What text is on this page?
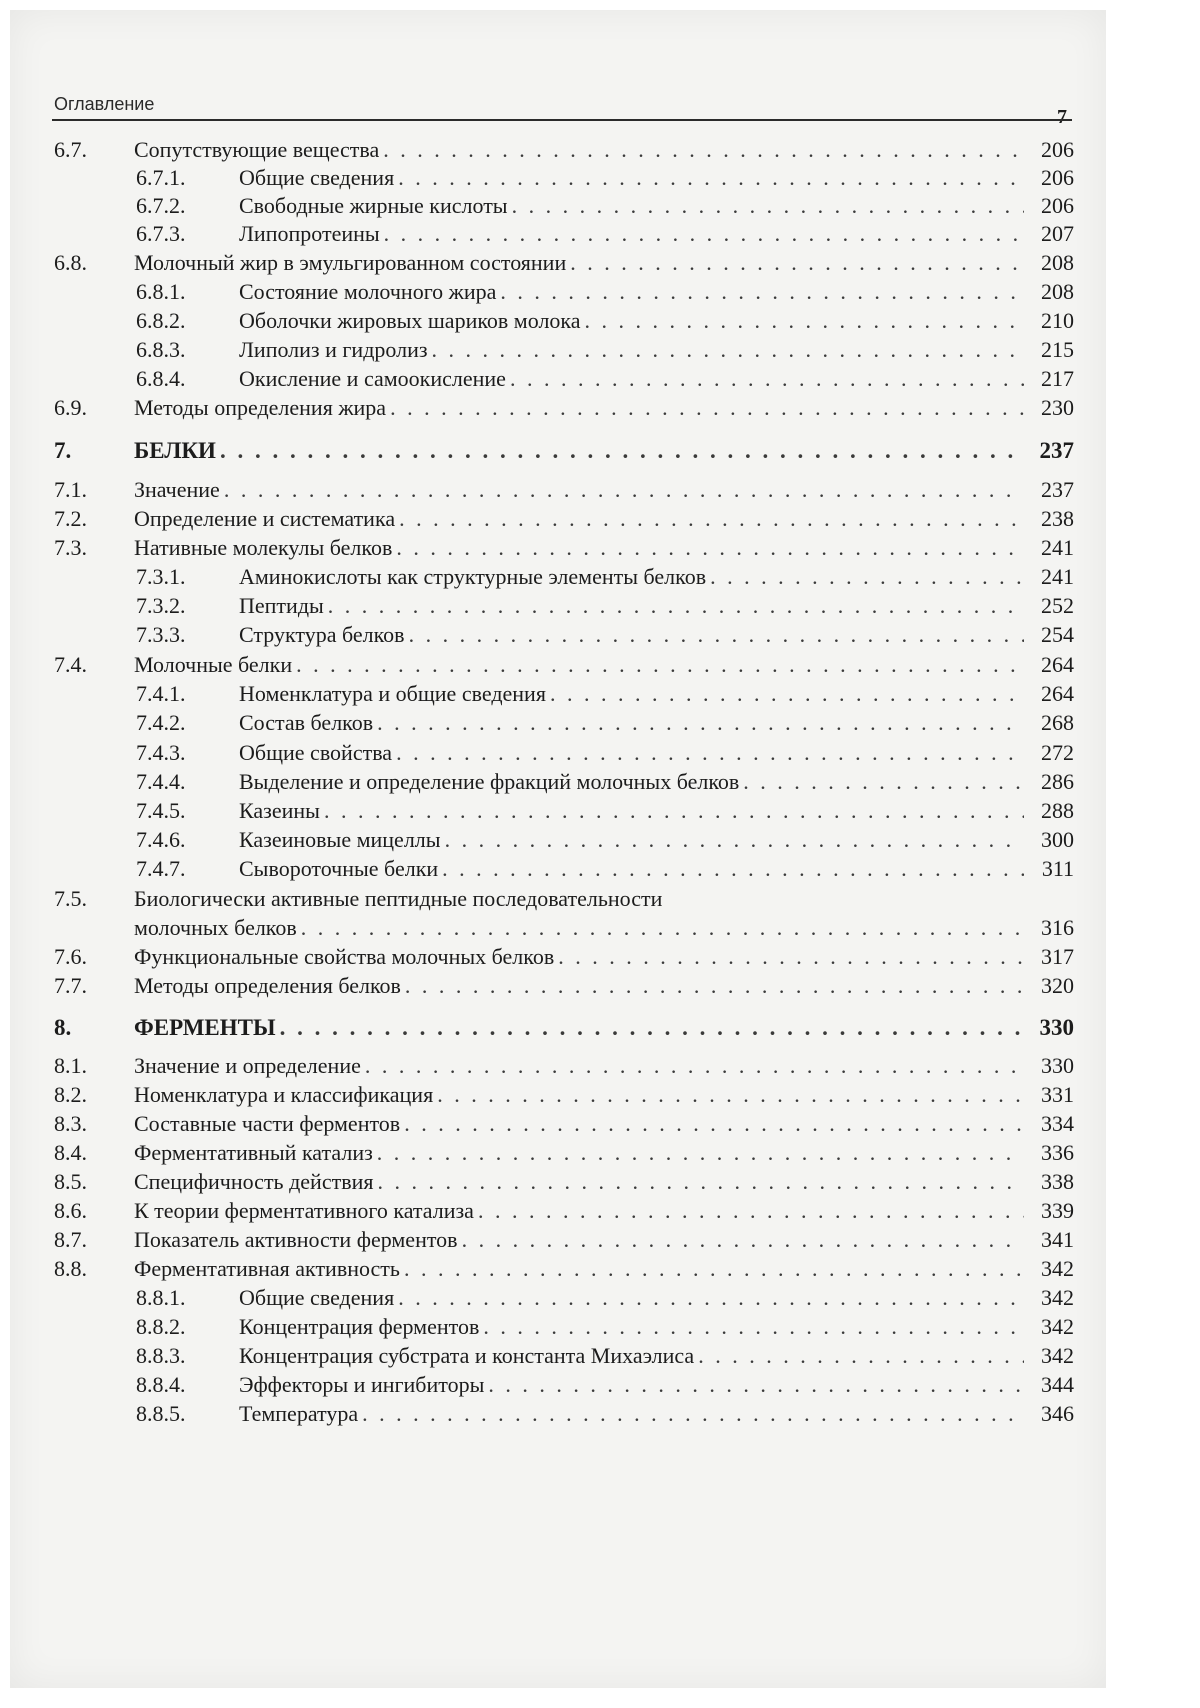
Оглавление
7
6.7. Сопутствующие вещества . . .	206
6.7.1. Общие сведения . . .	206
6.7.2. Свободные жирные кислоты . . .	206
6.7.3. Липопротеины . . .	207
6.8. Молочный жир в эмульгированном состоянии . . .	208
6.8.1. Состояние молочного жира . . .	208
6.8.2. Оболочки жировых шариков молока . . .	210
6.8.3. Липолиз и гидролиз . . .	215
6.8.4. Окисление и самоокисление . . .	217
6.9. Методы определения жира . . .	230
7.	БЕЛКИ . . .	237
7.1. Значение . . .	237
7.2. Определение и систематика . . .	238
7.3. Нативные молекулы белков . . .	241
7.3.1. Аминокислоты как структурные элементы белков . . .	241
7.3.2. Пептиды . . .	252
7.3.3. Структура белков . . .	254
7.4. Молочные белки . . .	264
7.4.1. Номенклатура и общие сведения . . .	264
7.4.2. Состав белков . . .	268
7.4.3. Общие свойства . . .	272
7.4.4. Выделение и определение фракций молочных белков . . .	286
7.4.5. Казеины . . .	288
7.4.6. Казеиновые мицеллы . . .	300
7.4.7. Сывороточные белки . . .	311
7.5. Биологически активные пептидные последовательности
молочных белков . . .	316
7.6. Функциональные свойства молочных белков . . .	317
7.7. Методы определения белков . . .	320
8.	ФЕРМЕНТЫ . . .	330
8.1. Значение и определение . . .	330
8.2. Номенклатура и классификация . . .	331
8.3. Составные части ферментов . . .	334
8.4. Ферментативный катализ . . .	336
8.5. Специфичность действия . . .	338
8.6. К теории ферментативного катализа . . .	339
8.7. Показатель активности ферментов . . .	341
8.8. Ферментативная активность . . .	342
8.8.1. Общие сведения . . .	342
8.8.2. Концентрация ферментов . . .	342
8.8.3. Концентрация субстрата и константа Михаэлиса . . .	342
8.8.4. Эффекторы и ингибиторы . . .	344
8.8.5. Температура . . .	346
